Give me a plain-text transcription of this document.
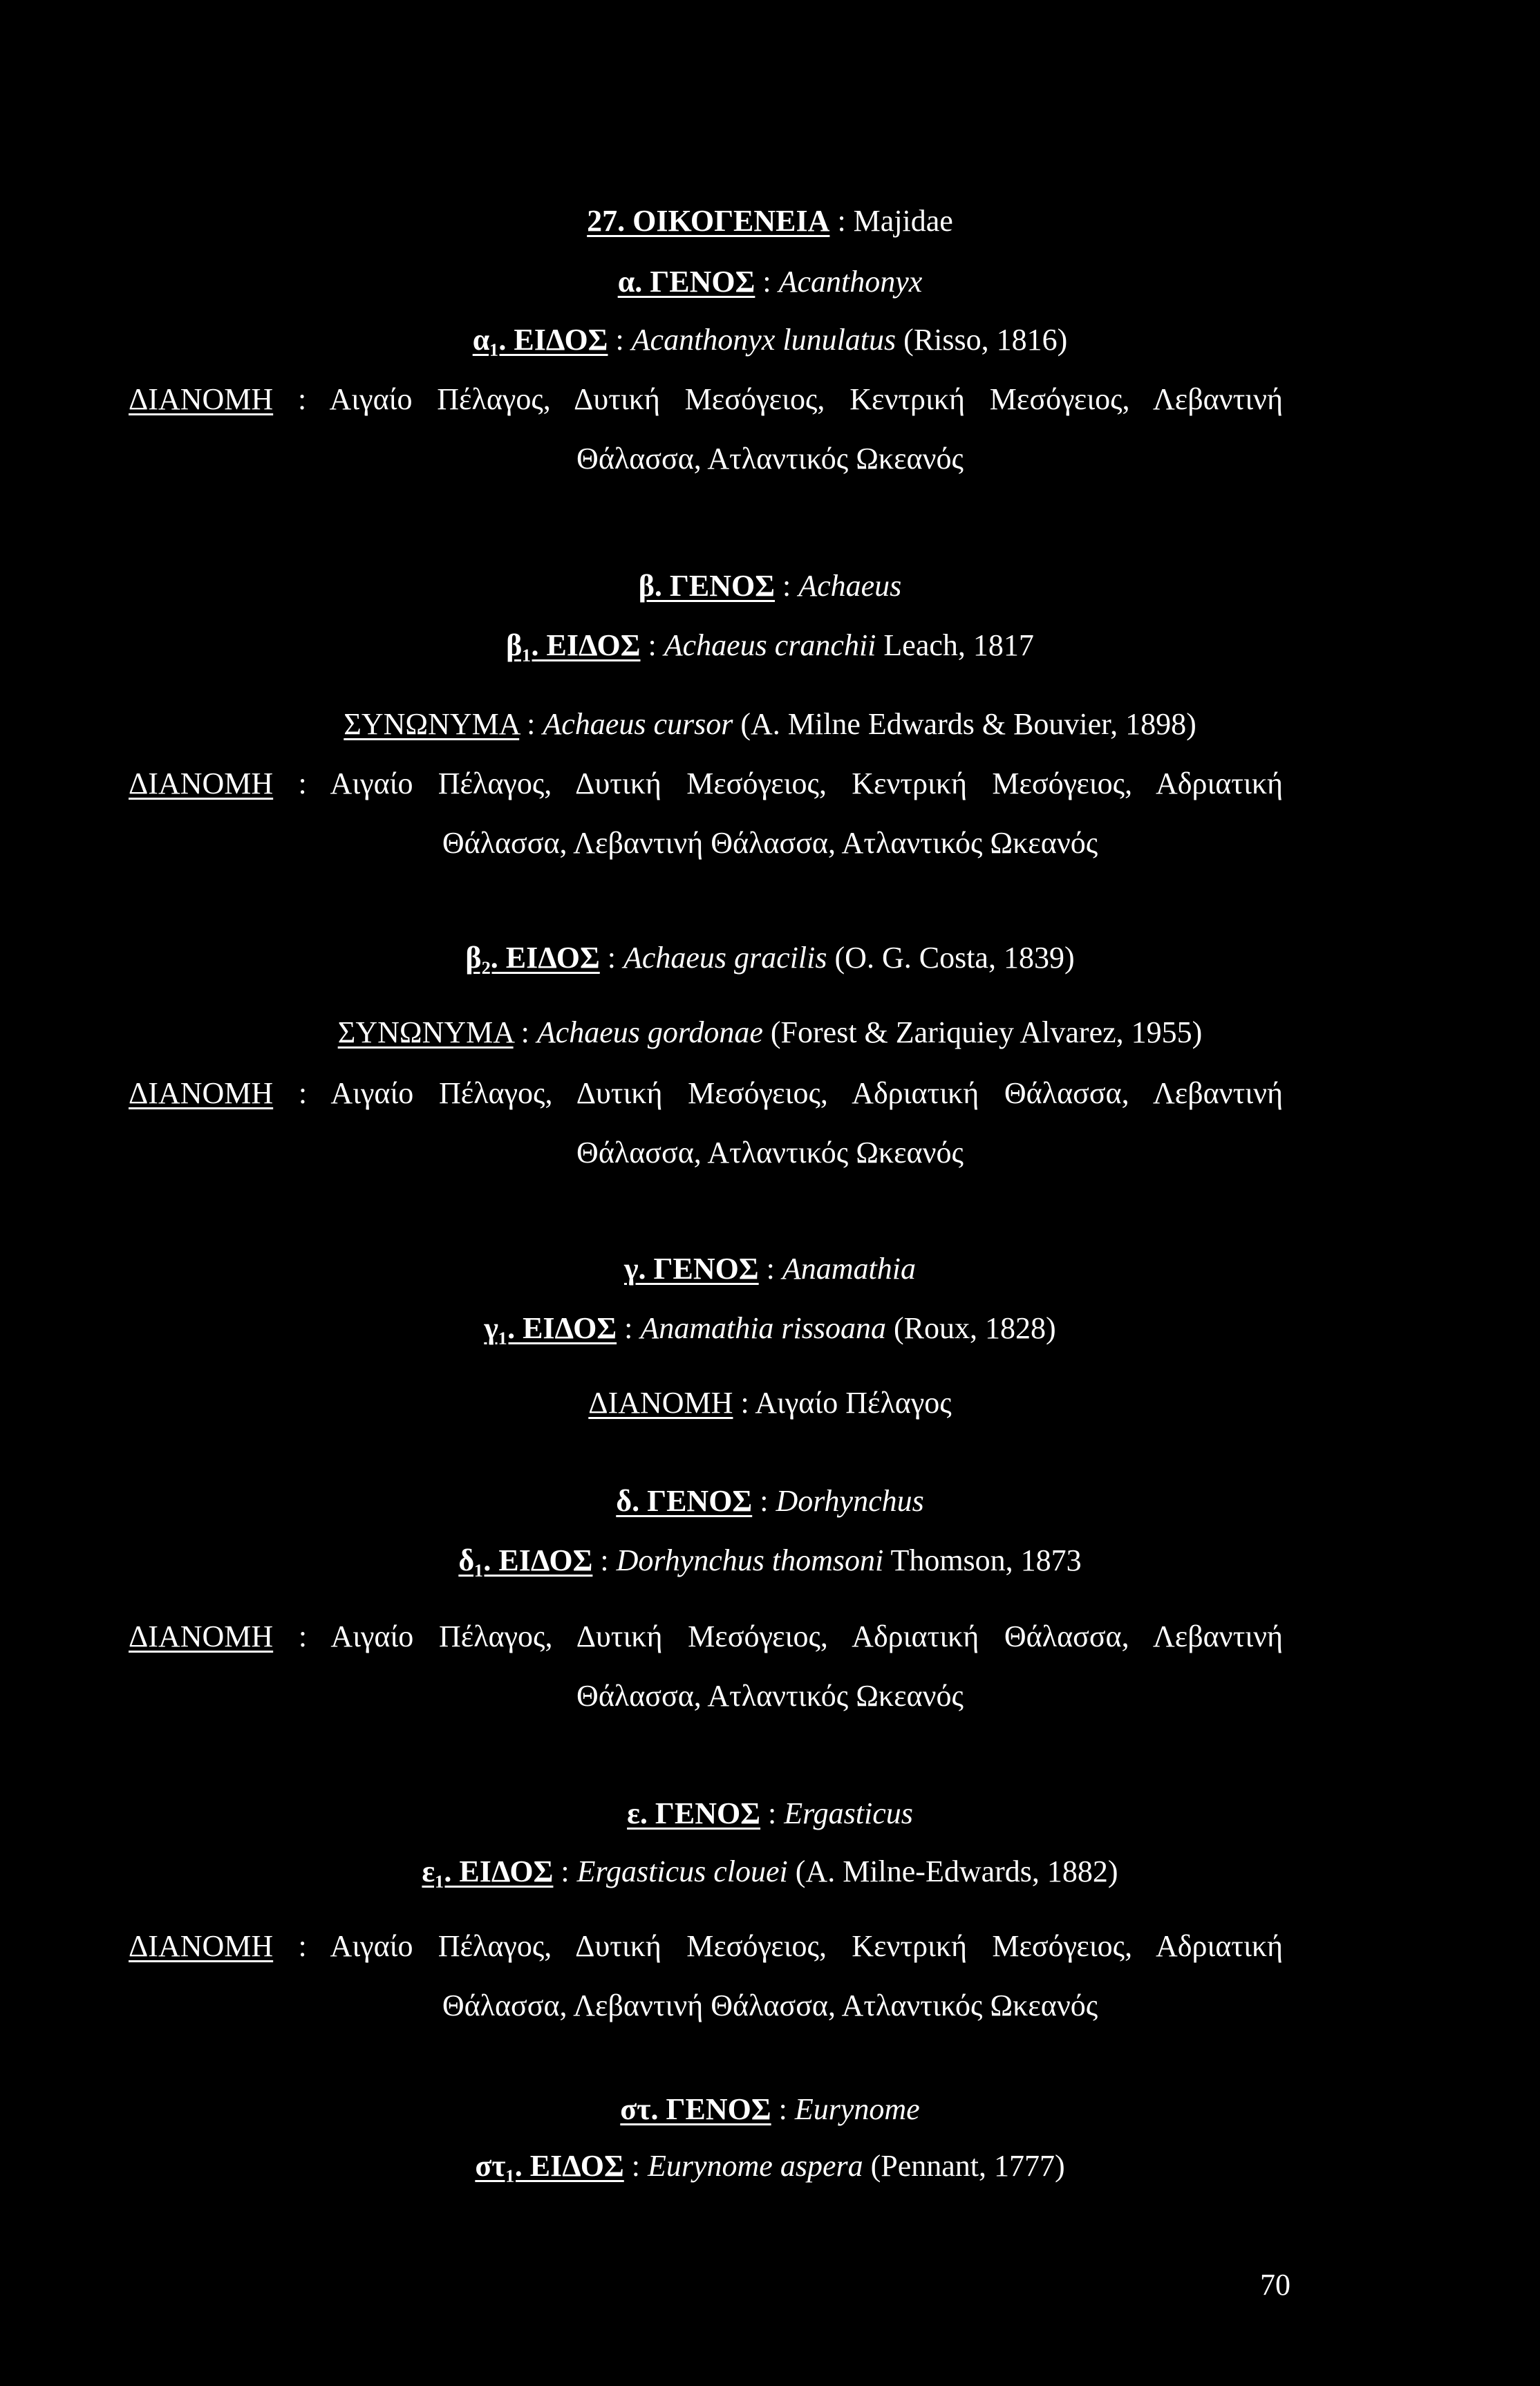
27. ΟΙΚΟΓΕΝΕΙΑ : Majidae
α. ΓΕΝΟΣ : Acanthonyx
α₁. ΕΙΔΟΣ : Acanthonyx lunulatus (Risso, 1816)
ΔΙΑΝΟΜΗ : Αιγαίο Πέλαγος, Δυτική Μεσόγειος, Κεντρική Μεσόγειος, Λεβαντινή
Θάλασσα, Ατλαντικός Ωκεανός
β. ΓΕΝΟΣ : Achaeus
β₁. ΕΙΔΟΣ : Achaeus cranchii Leach, 1817
ΣΥΝΩΝΥΜΑ : Achaeus cursor (A. Milne Edwards & Bouvier, 1898)
ΔΙΑΝΟΜΗ : Αιγαίο Πέλαγος, Δυτική Μεσόγειος, Κεντρική Μεσόγειος, Αδριατική
Θάλασσα, Λεβαντινή Θάλασσα, Ατλαντικός Ωκεανός
β₂. ΕΙΔΟΣ : Achaeus gracilis (O. G. Costa, 1839)
ΣΥΝΩΝΥΜΑ : Achaeus gordonae (Forest & Zariquiey Alvarez, 1955)
ΔΙΑΝΟΜΗ : Αιγαίο Πέλαγος, Δυτική Μεσόγειος, Αδριατική Θάλασσα, Λεβαντινή
Θάλασσα, Ατλαντικός Ωκεανός
γ. ΓΕΝΟΣ : Anamathia
γ₁. ΕΙΔΟΣ : Anamathia rissoana (Roux, 1828)
ΔΙΑΝΟΜΗ : Αιγαίο Πέλαγος
δ. ΓΕΝΟΣ : Dorhynchus
δ₁. ΕΙΔΟΣ : Dorhynchus thomsoni Thomson, 1873
ΔΙΑΝΟΜΗ : Αιγαίο Πέλαγος, Δυτική Μεσόγειος, Αδριατική Θάλασσα, Λεβαντινή
Θάλασσα, Ατλαντικός Ωκεανός
ε. ΓΕΝΟΣ : Ergasticus
ε₁. ΕΙΔΟΣ : Ergasticus clouei (A. Milne-Edwards, 1882)
ΔΙΑΝΟΜΗ : Αιγαίο Πέλαγος, Δυτική Μεσόγειος, Κεντρική Μεσόγειος, Αδριατική
Θάλασσα, Λεβαντινή Θάλασσα, Ατλαντικός Ωκεανός
στ. ΓΕΝΟΣ : Eurynome
στ₁. ΕΙΔΟΣ : Eurynome aspera (Pennant, 1777)
70
